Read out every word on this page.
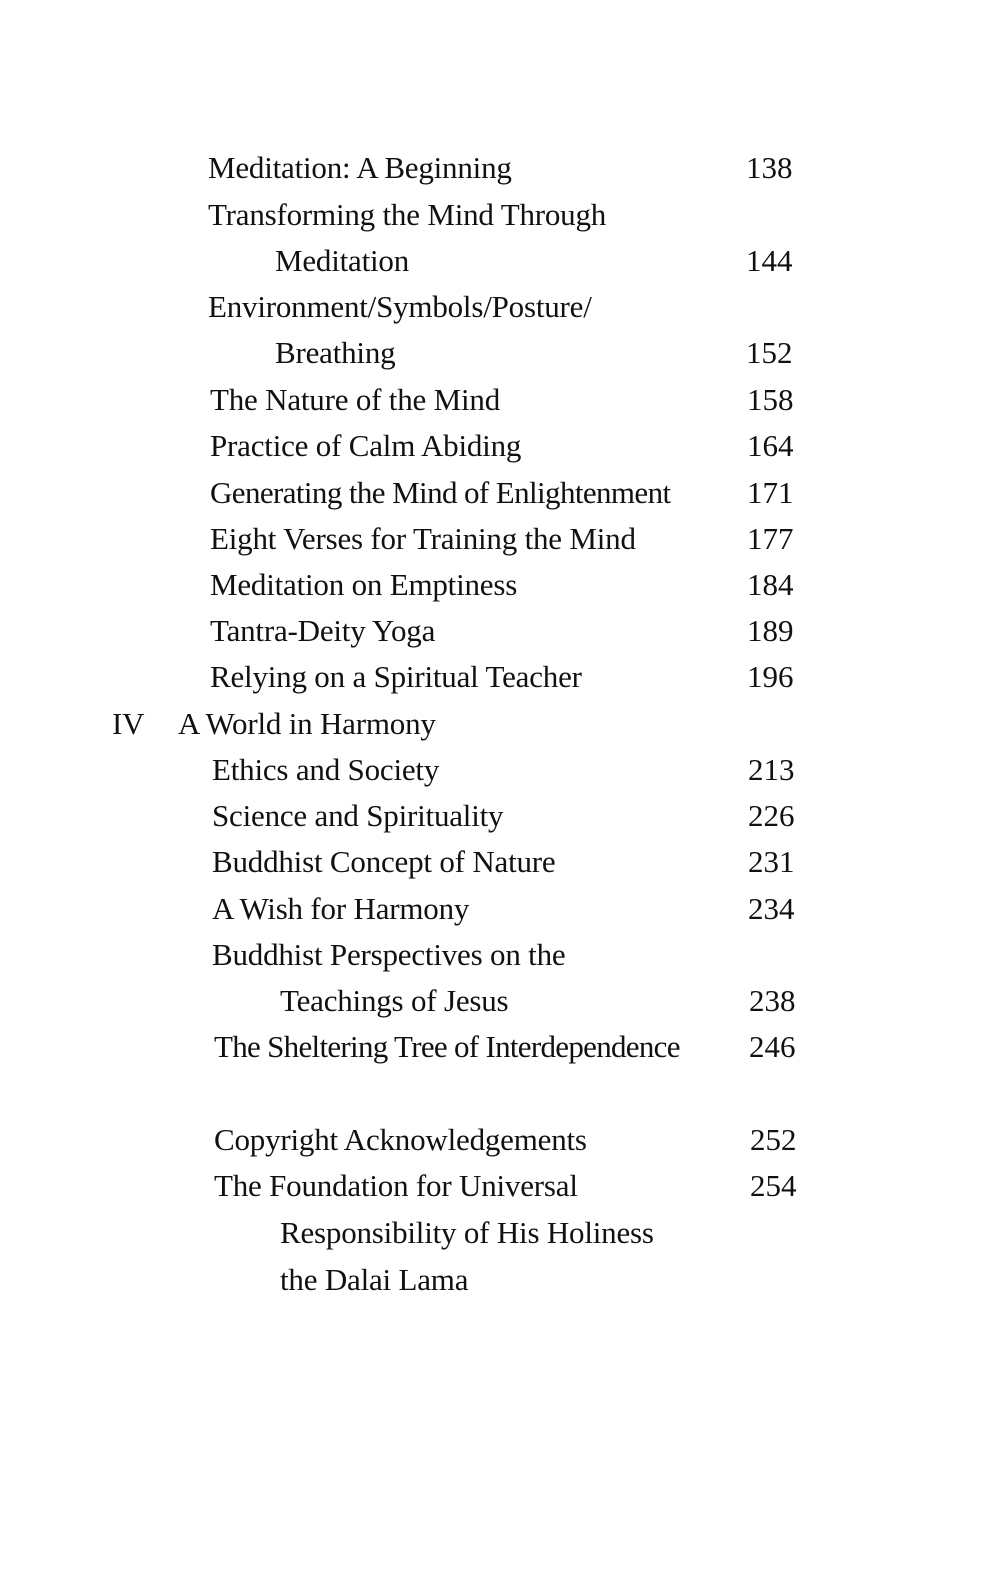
Meditation: A Beginning	138
Transforming the Mind Through
Meditation	144
Environment/Symbols/Posture/
Breathing	152
The Nature of the Mind	158
Practice of Calm Abiding	164
Generating the Mind of Enlightenment 171
Eight Verses for Training the Mind	177
Meditation on Emptiness	184
Tantra-Deity Yoga	189
Relying on a Spiritual Teacher	196
IV A World in Harmony
Ethics and Society	213
Science and Spirituality	226
Buddhist Concept of Nature	231
A Wish for Harmony	234
Buddhist Perspectives on the
Teachings of Jesus	238
The Sheltering Tree of Interdependence 246
Copyright Acknowledgements	252
The Foundation for Universal	254
Responsibility of His Holiness
the Dalai Lama
